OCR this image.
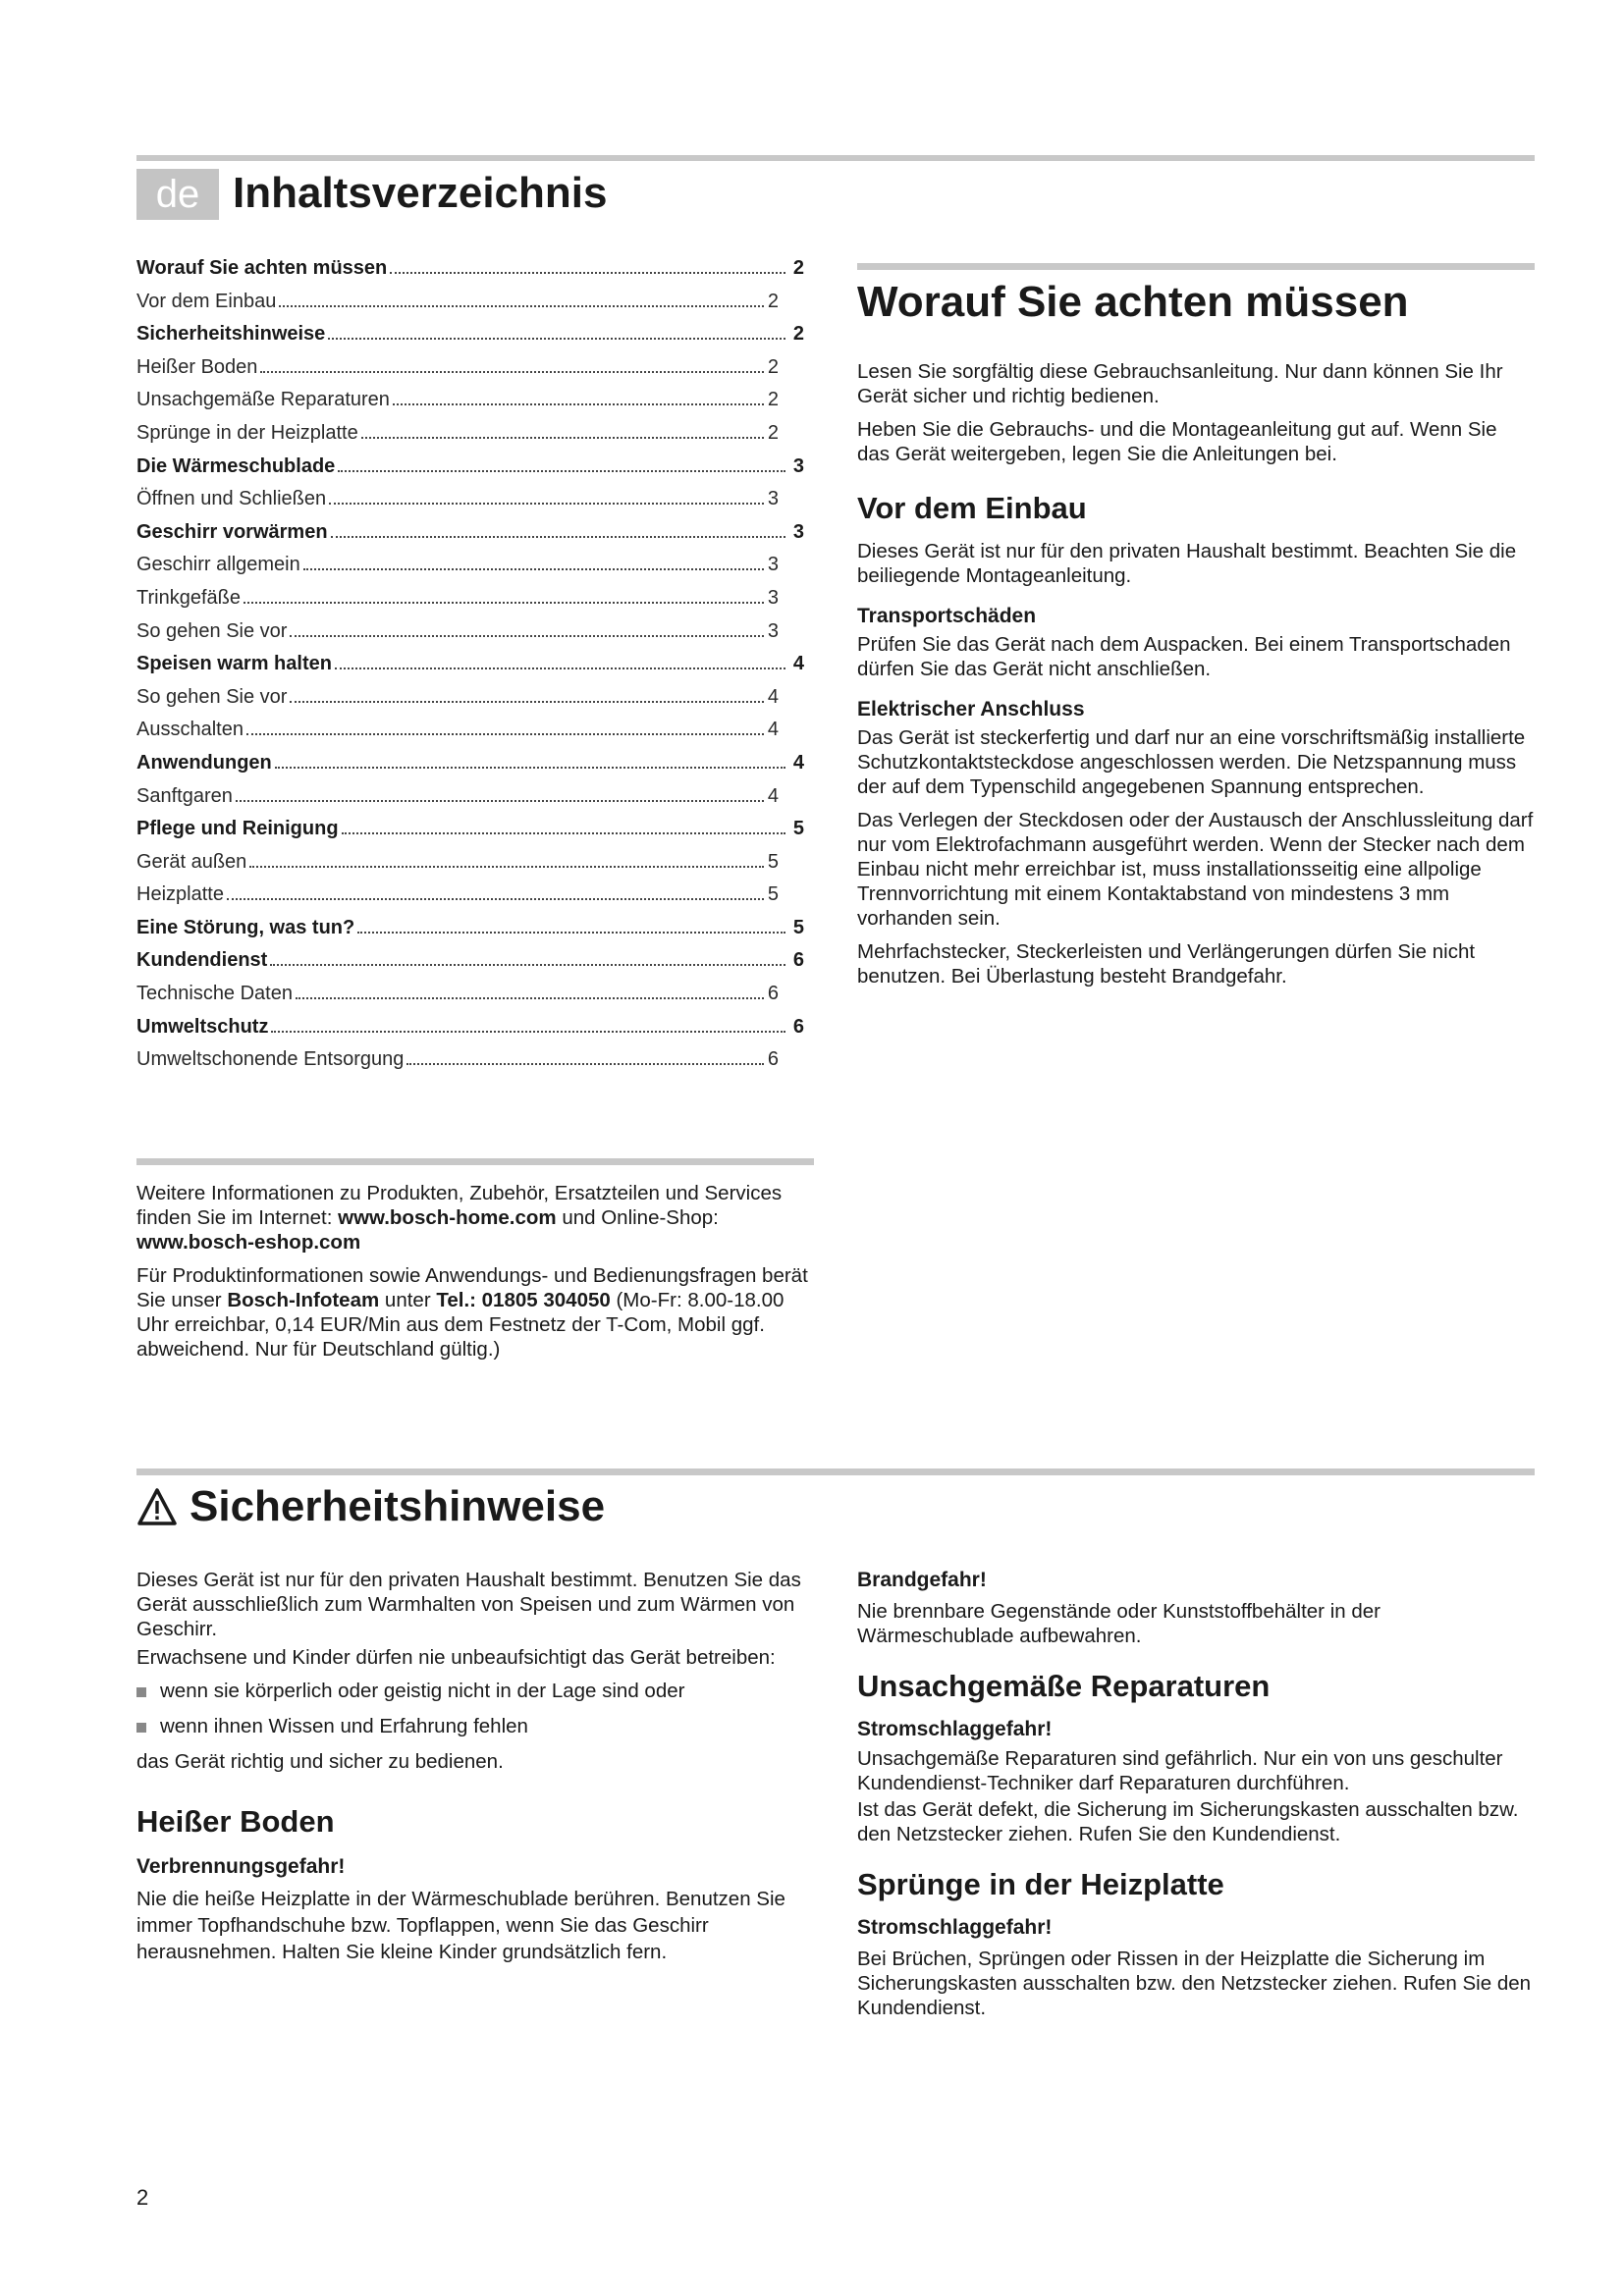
de Inhaltsverzeichnis
Worauf Sie achten müssen	2
Vor dem Einbau	2
Sicherheitshinweise	2
Heißer Boden	2
Unsachgemäße Reparaturen	2
Sprünge in der Heizplatte	2
Die Wärmeschublade	3
Öffnen und Schließen	3
Geschirr vorwärmen	3
Geschirr allgemein	3
Trinkgefäße	3
So gehen Sie vor	3
Speisen warm halten	4
So gehen Sie vor	4
Ausschalten	4
Anwendungen	4
Sanftgaren	4
Pflege und Reinigung	5
Gerät außen	5
Heizplatte	5
Eine Störung, was tun?	5
Kundendienst	6
Technische Daten	6
Umweltschutz	6
Umweltschonende Entsorgung	6

Weitere Informationen zu Produkten, Zubehör, Ersatzteilen und Services finden Sie im Internet: www.bosch-home.com und Online-Shop: www.bosch-eshop.com

Für Produktinformationen sowie Anwendungs- und Bedienungsfragen berät Sie unser Bosch-Infoteam unter Tel.: 01805 304050 (Mo-Fr: 8.00-18.00 Uhr erreichbar, 0,14 EUR/Min aus dem Festnetz der T-Com, Mobil ggf. abweichend. Nur für Deutschland gültig.)

Worauf Sie achten müssen

Lesen Sie sorgfältig diese Gebrauchsanleitung. Nur dann können Sie Ihr Gerät sicher und richtig bedienen.

Heben Sie die Gebrauchs- und die Montageanleitung gut auf. Wenn Sie das Gerät weitergeben, legen Sie die Anleitungen bei.

Vor dem Einbau

Dieses Gerät ist nur für den privaten Haushalt bestimmt. Beachten Sie die beiliegende Montageanleitung.

Transportschäden

Prüfen Sie das Gerät nach dem Auspacken. Bei einem Transportschaden dürfen Sie das Gerät nicht anschließen.

Elektrischer Anschluss

Das Gerät ist steckerfertig und darf nur an eine vorschriftsmäßig installierte Schutzkontaktsteckdose angeschlossen werden. Die Netzspannung muss der auf dem Typenschild angegebenen Spannung entsprechen.

Das Verlegen der Steckdosen oder der Austausch der Anschlussleitung darf nur vom Elektrofachmann ausgeführt werden. Wenn der Stecker nach dem Einbau nicht mehr erreichbar ist, muss installationsseitig eine allpolige Trennvorrichtung mit einem Kontaktabstand von mindestens 3 mm vorhanden sein.

Mehrfachstecker, Steckerleisten und Verlängerungen dürfen Sie nicht benutzen. Bei Überlastung besteht Brandgefahr.

Sicherheitshinweise

Dieses Gerät ist nur für den privaten Haushalt bestimmt. Benutzen Sie das Gerät ausschließlich zum Warmhalten von Speisen und zum Wärmen von Geschirr.

Erwachsene und Kinder dürfen nie unbeaufsichtigt das Gerät betreiben:

wenn sie körperlich oder geistig nicht in der Lage sind oder
wenn ihnen Wissen und Erfahrung fehlen

das Gerät richtig und sicher zu bedienen.

Heißer Boden
Verbrennungsgefahr!

Nie die heiße Heizplatte in der Wärmeschublade berühren. Benutzen Sie immer Topfhandschuhe bzw. Topflappen, wenn Sie das Geschirr herausnehmen. Halten Sie kleine Kinder grundsätzlich fern.

Brandgefahr!

Nie brennbare Gegenstände oder Kunststoffbehälter in der Wärmeschublade aufbewahren.

Unsachgemäße Reparaturen
Stromschlaggefahr!

Unsachgemäße Reparaturen sind gefährlich. Nur ein von uns geschulter Kundendienst-Techniker darf Reparaturen durchführen.

Ist das Gerät defekt, die Sicherung im Sicherungskasten ausschalten bzw. den Netzstecker ziehen. Rufen Sie den Kundendienst.

Sprünge in der Heizplatte
Stromschlaggefahr!

Bei Brüchen, Sprüngen oder Rissen in der Heizplatte die Sicherung im Sicherungskasten ausschalten bzw. den Netzstecker ziehen. Rufen Sie den Kundendienst.

2
